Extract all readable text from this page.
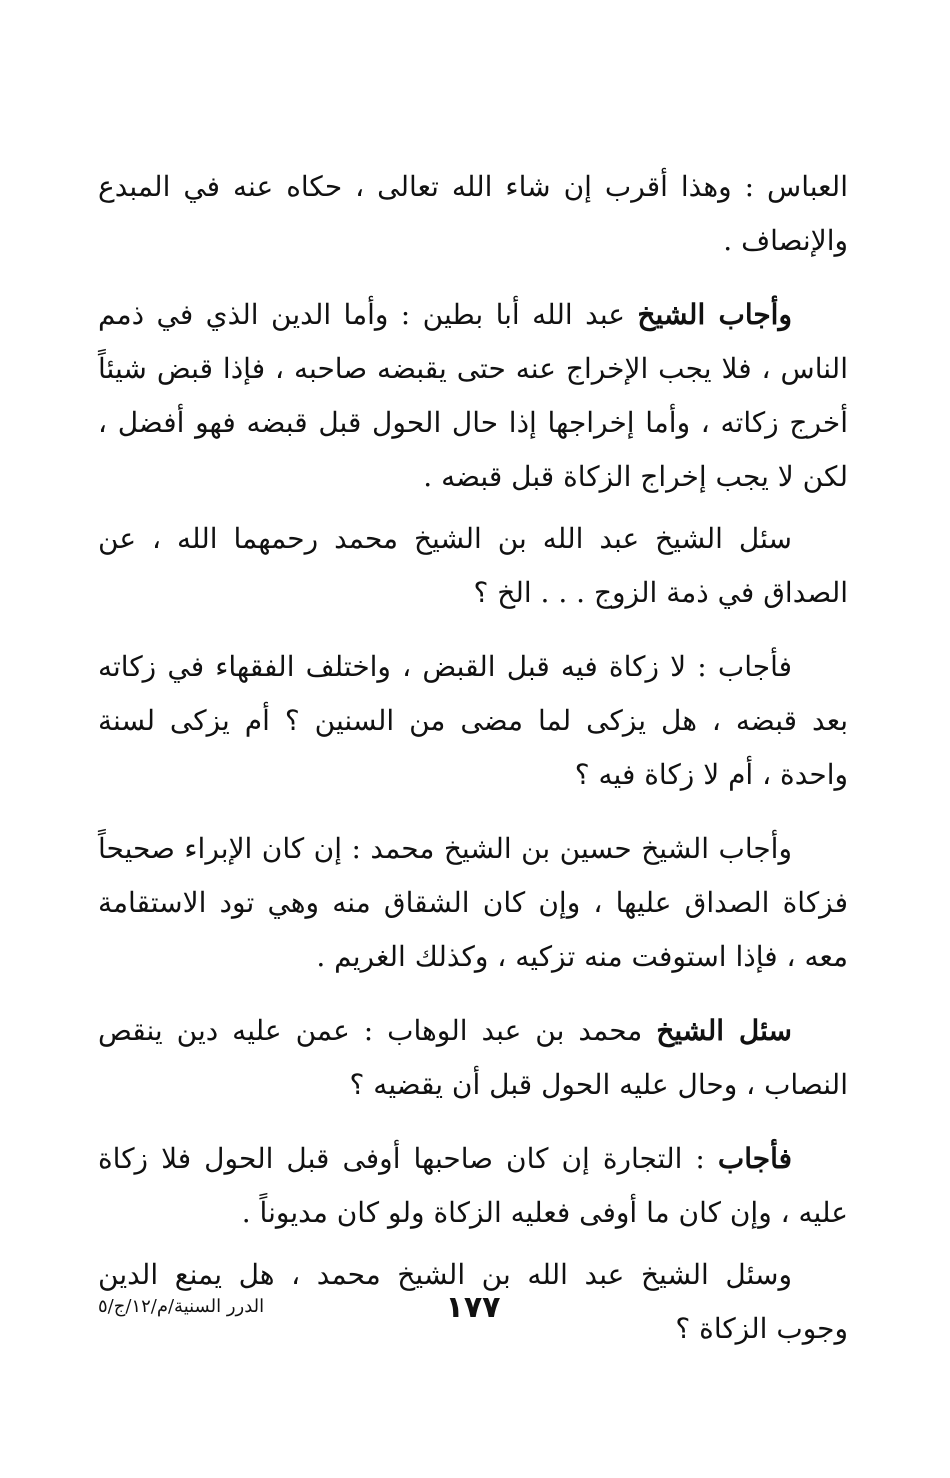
العباس : وهذا أقرب إن شاء الله تعالى ، حكاه عنه في المبدع والإنصاف .

وأجاب الشيخ عبد الله أبا بطين : وأما الدين الذي في ذمم الناس ، فلا يجب الإخراج عنه حتى يقبضه صاحبه ، فإذا قبض شيئاً أخرج زكاته ، وأما إخراجها إذا حال الحول قبل قبضه فهو أفضل ، لكن لا يجب إخراج الزكاة قبل قبضه .

سئل الشيخ عبد الله بن الشيخ محمد رحمهما الله ، عن الصداق في ذمة الزوج . . . الخ ؟

فأجاب : لا زكاة فيه قبل القبض ، واختلف الفقهاء في زكاته بعد قبضه ، هل يزكى لما مضى من السنين ؟ أم يزكى لسنة واحدة ، أم لا زكاة فيه ؟

وأجاب الشيخ حسين بن الشيخ محمد : إن كان الإبراء صحيحاً فزكاة الصداق عليها ، وإن كان الشقاق منه وهي تود الاستقامة معه ، فإذا استوفت منه تزكيه ، وكذلك الغريم .

سئل الشيخ محمد بن عبد الوهاب : عمن عليه دين ينقص النصاب ، وحال عليه الحول قبل أن يقضيه ؟

فأجاب : التجارة إن كان صاحبها أوفى قبل الحول فلا زكاة عليه ، وإن كان ما أوفى فعليه الزكاة ولو كان مديوناً .

وسئل الشيخ عبد الله بن الشيخ محمد ، هل يمنع الدين وجوب الزكاة ؟

١٧٧
الدرر السنية/م/١٢/ج/٥
